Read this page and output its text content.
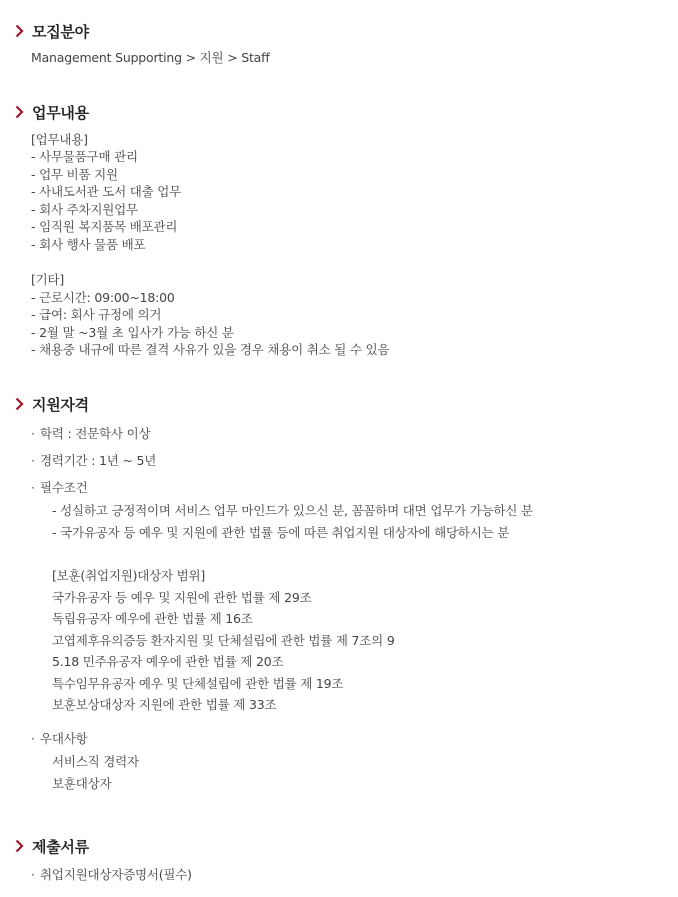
모집분야
Management Supporting > 지원 > Staff
업무내용
[업무내용]
- 사무물품구매 관리
- 업무 비품 지원
- 사내도서관 도서 대출 업무
- 회사 주차지원업무
- 임직원 복지품목 배포관리
- 회사 행사 물품 배포
[기타]
- 근로시간: 09:00~18:00
- 급여: 회사 규정에 의거
- 2월 말 ~3월 초 입사가 가능 하신 분
- 채용중 내규에 따른 결격 사유가 있을 경우 채용이 취소 될 수 있음
지원자격
· 학력 : 전문학사 이상
· 경력기간 : 1년 ~ 5년
· 필수조건
- 성실하고 긍정적이며 서비스 업무 마인드가 있으신 분, 꼼꼼하며 대면 업무가 가능하신 분
- 국가유공자 등 예우 및 지원에 관한 법률 등에 따른 취업지원 대상자에 해당하시는 분
[보훈(취업지원)대상자 범위]
국가유공자 등 예우 및 지원에 관한 법률 제 29조
독립유공자 예우에 관한 법률 제 16조
고엽제후유의증등 환자지원 및 단체설립에 관한 법률 제 7조의 9
5.18 민주유공자 예우에 관한 법률 제 20조
특수임무유공자 예우 및 단체설립에 관한 법률 제 19조
보훈보상대상자 지원에 관한 법률 제 33조
· 우대사항
서비스직 경력자
보훈대상자
제출서류
· 취업지원대상자증명서(필수)
